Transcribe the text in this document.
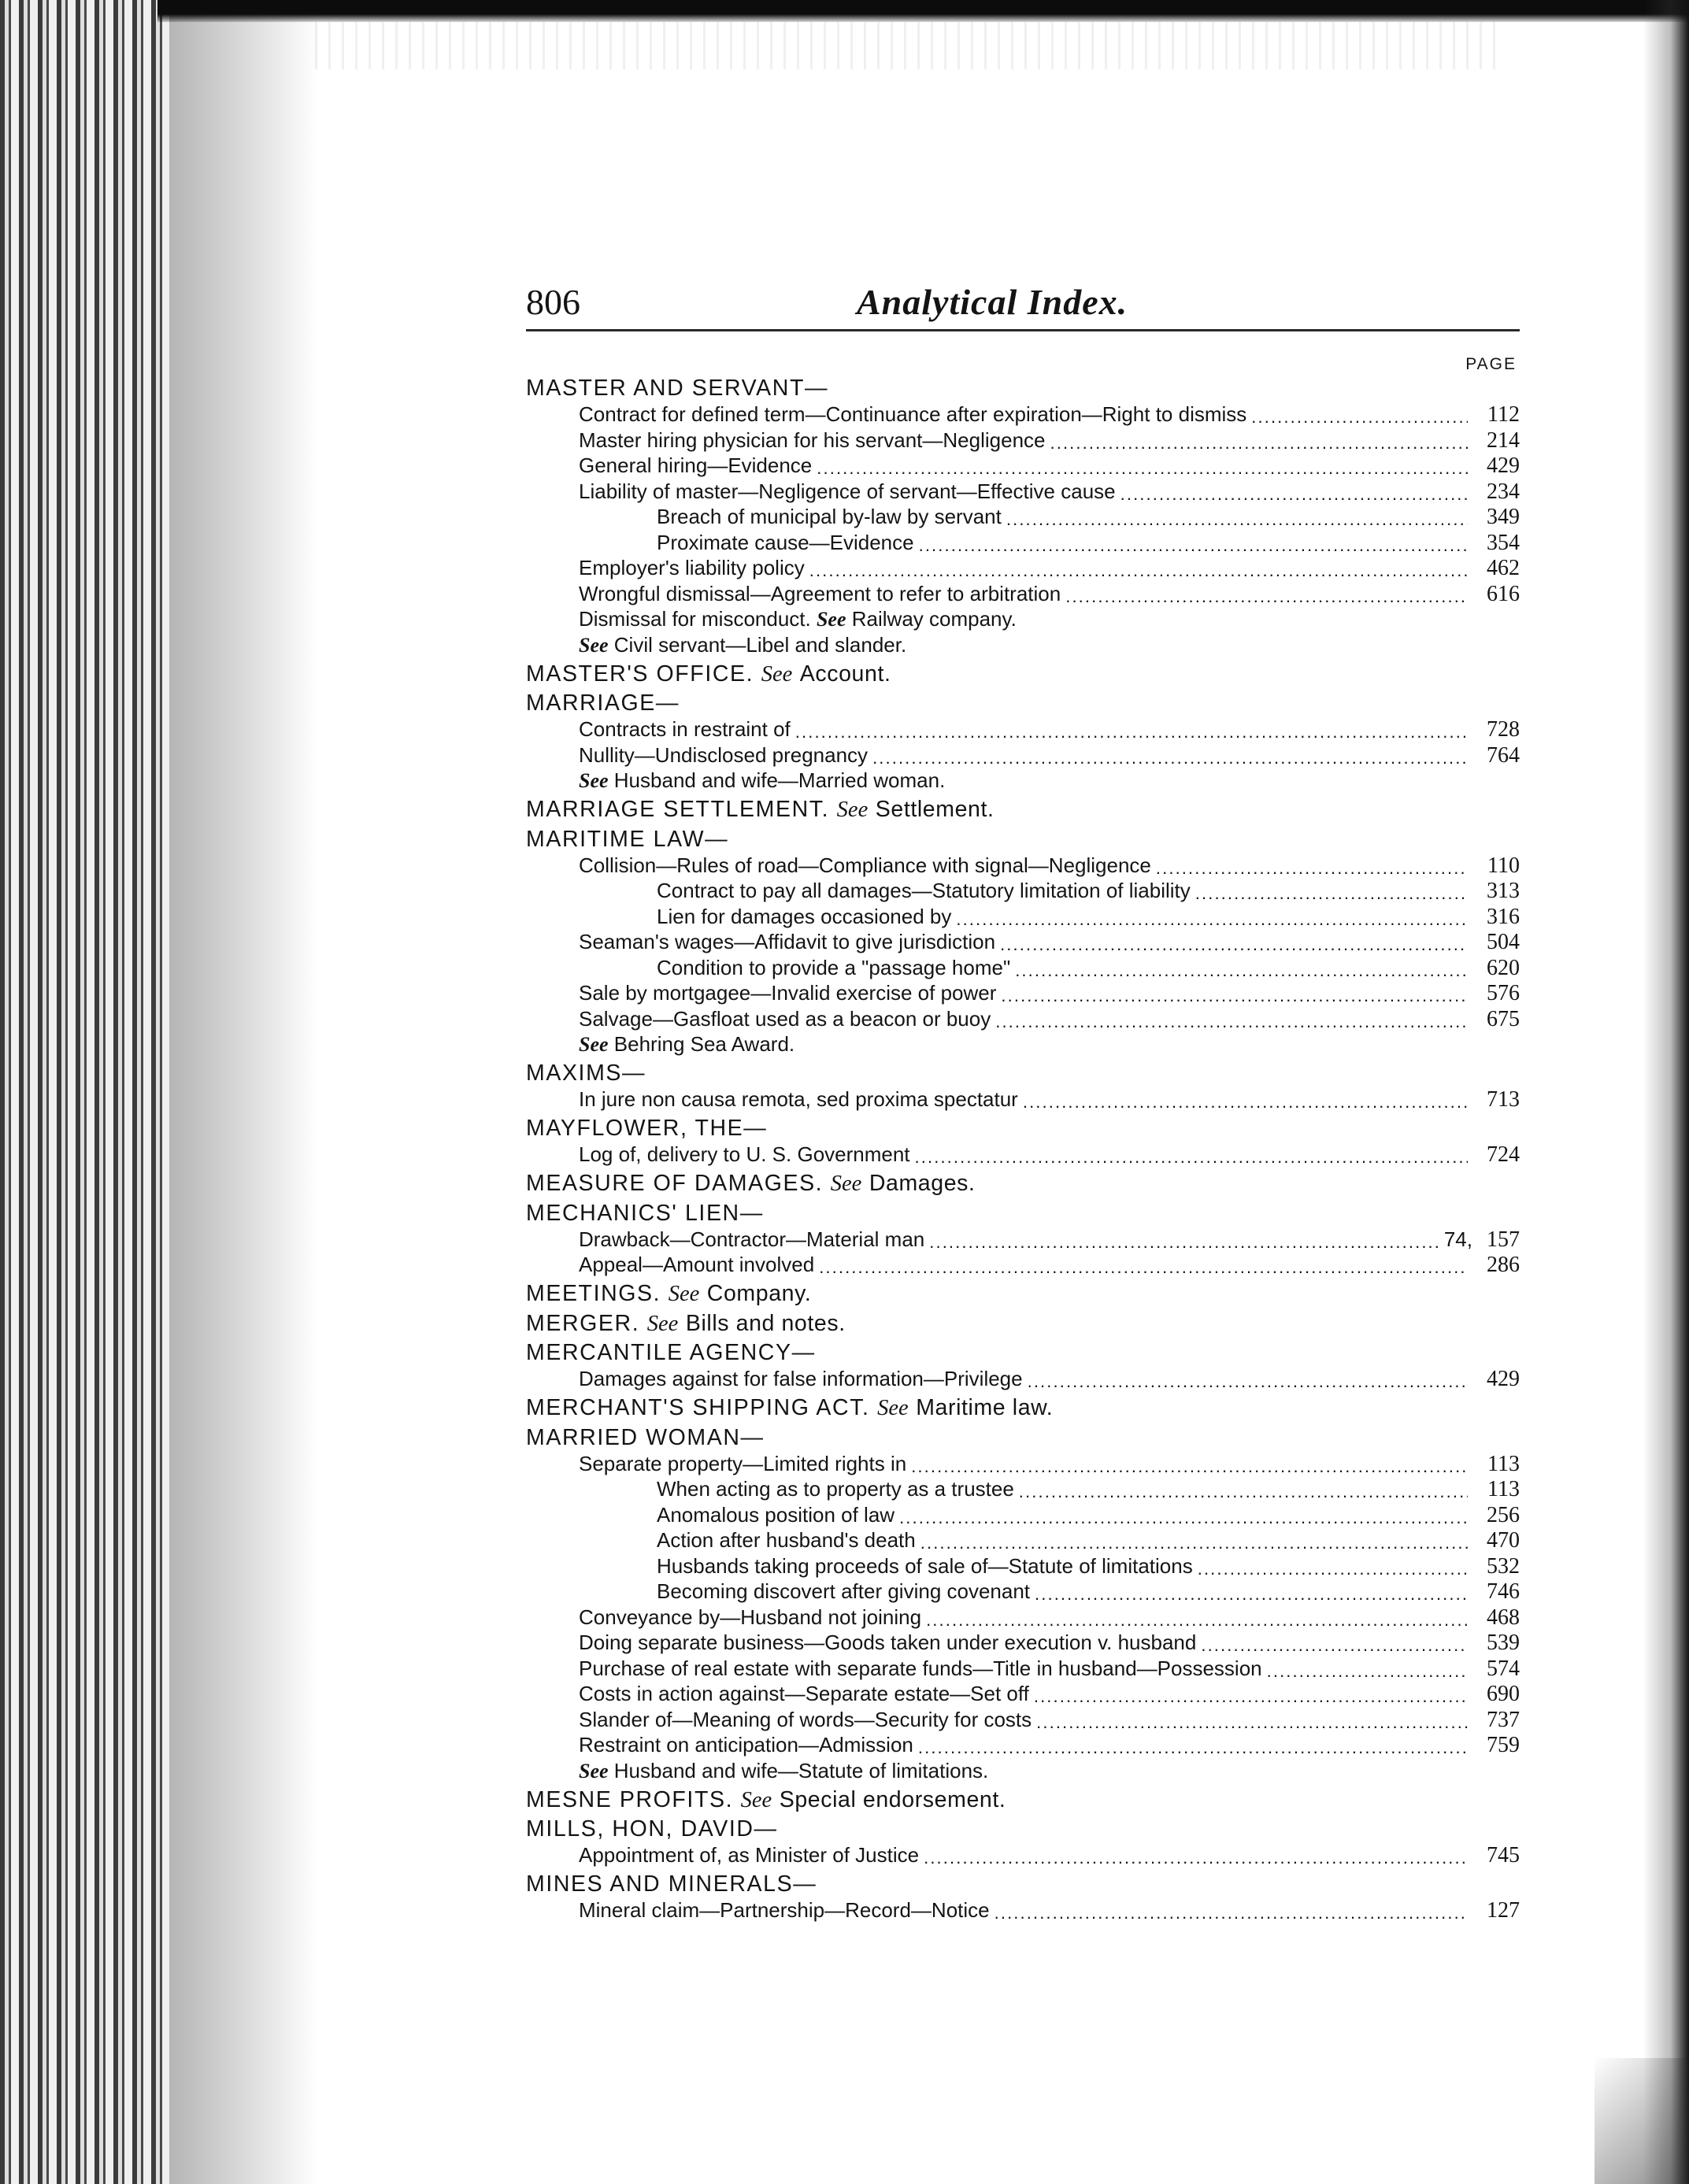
806	Analytical Index.
PAGE
MASTER AND SERVANT—
Contract for defined term—Continuance after expiration—Right to dismiss . . .	112
Master hiring physician for his servant—Negligence . . .	214
General hiring—Evidence . . .	429
Liability of master—Negligence of servant—Effective cause . . .	234
Breach of municipal by-law by servant . . .	349
Proximate cause—Evidence . . .	354
Employer's liability policy . . .	462
Wrongful dismissal—Agreement to refer to arbitration . . .	616
Dismissal for misconduct. See Railway company.
See Civil servant—Libel and slander.
MASTER'S OFFICE. See Account.
MARRIAGE—
Contracts in restraint of . . .	728
Nullity—Undisclosed pregnancy . . .	764
See Husband and wife—Married woman.
MARRIAGE SETTLEMENT. See Settlement.
MARITIME LAW—
Collision—Rules of road—Compliance with signal—Negligence . . .	110
Contract to pay all damages—Statutory limitation of liability . . .	313
Lien for damages occasioned by . . .	316
Seaman's wages—Affidavit to give jurisdiction . . .	504
Condition to provide a "passage home" . . .	620
Sale by mortgagee—Invalid exercise of power . . .	576
Salvage—Gasfloat used as a beacon or buoy . . .	675
See Behring Sea Award.
MAXIMS—
In jure non causa remota, sed proxima spectatur . . .	713
MAYFLOWER, THE—
Log of, delivery to U. S. Government . . .	724
MEASURE OF DAMAGES. See Damages.
MECHANICS' LIEN—
Drawback—Contractor—Material man . . .	74, 157
Appeal—Amount involved . . .	286
MEETINGS. See Company.
MERGER. See Bills and notes.
MERCANTILE AGENCY—
Damages against for false information—Privilege . . .	429
MERCHANT'S SHIPPING ACT. See Maritime law.
MARRIED WOMAN—
Separate property—Limited rights in . . .	113
When acting as to property as a trustee . . .	113
Anomalous position of law . . .	256
Action after husband's death . . .	470
Husbands taking proceeds of sale of—Statute of limitations . . .	532
Becoming discovert after giving covenant . . .	746
Conveyance by—Husband not joining . . .	468
Doing separate business—Goods taken under execution v. husband . . .	539
Purchase of real estate with separate funds—Title in husband—Possession . . .	574
Costs in action against—Separate estate—Set off . . .	690
Slander of—Meaning of words—Security for costs . . .	737
Restraint on anticipation—Admission . . .	759
See Husband and wife—Statute of limitations.
MESNE PROFITS. See Special endorsement.
MILLS, HON, DAVID—
Appointment of, as Minister of Justice . . .	745
MINES AND MINERALS—
Mineral claim—Partnership—Record—Notice . . .	127
